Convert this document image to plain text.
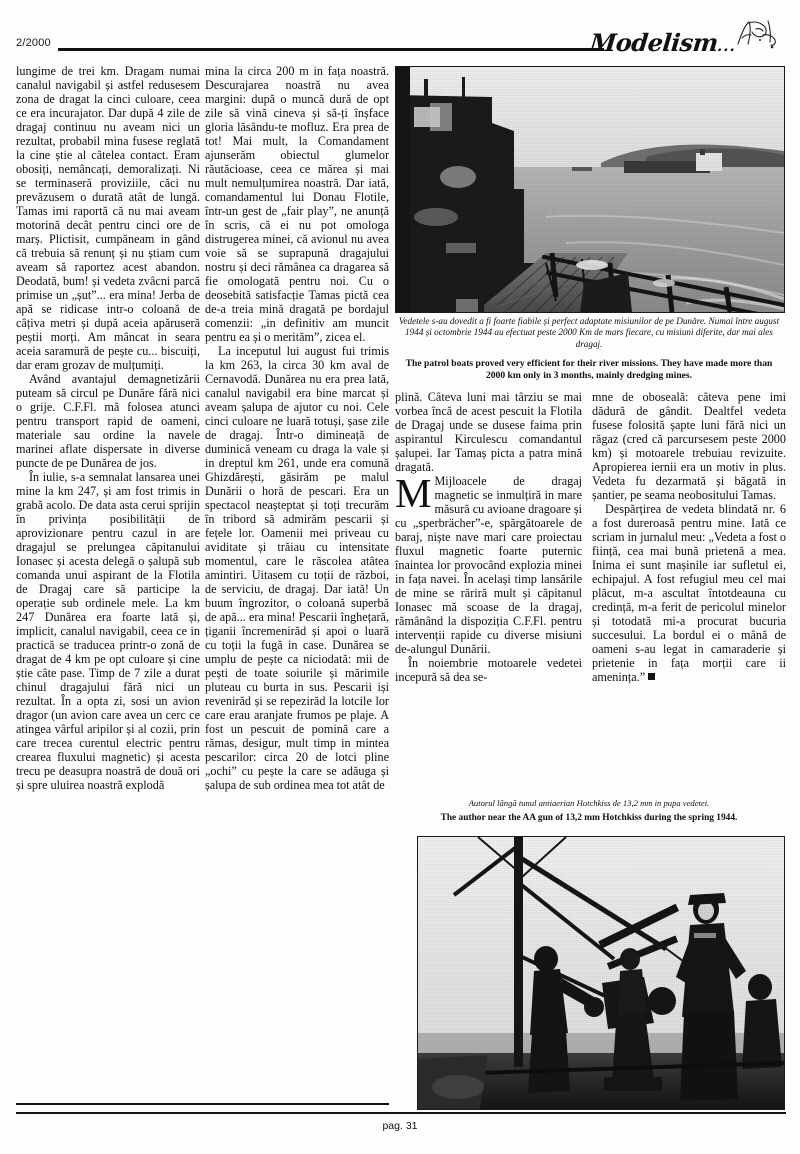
2/2000	Modelism...

lungime de trei km. Dragam numai canalul navigabil și astfel redusesem zona de dragat la cinci culoare, ceea ce era incurajator. Dar după 4 zile de dragaj continuu nu aveam nici un rezultat, probabil mina fusese reglată la cine știe al câtelea contact. Eram obosiți, nemâncați, demoralizați. Ni se terminaseră proviziile, căci nu prevăzusem o durată atât de lungă. Tamas imi raportă că nu mai aveam motorină decât pentru cinci ore de marș. Plictisit, cumpăneam in gând că trebuia să renunț și nu știam cum aveam să raportez acest abandon. Deodată, bum! și vedeta zvâcni parcă primise un „șut”... era mina! Jerba de apă se ridicase intr-o coloană de câțiva metri și după aceia apăruseră peștii morți. Am mâncat in seara aceia saramură de pește cu... biscuiți, dar eram grozav de mulțumiți.

Având avantajul demagnetizării puteam să circul pe Dunăre fără nici o grije. C.F.Fl. mă folosea atunci pentru transport rapid de oameni, materiale sau ordine la navele marinei aflate dispersate in diverse puncte de pe Dunărea de jos.

În iulie, s-a semnalat lansarea unei mine la km 247, și am fost trimis in grabă acolo. De data asta cerui sprijin în privința posibilității de aprovizionare pentru cazul in are dragajul se prelungea căpitanului Ionasec și acesta delegă o șalupă sub comanda unui aspirant de la Flotila de Dragaj care să participe la operație sub ordinele mele. La km 247 Dunărea era foarte lată și, implicit, canalul navigabil, ceea ce in practică se traducea printr-o zonă de dragat de 4 km pe opt culoare și cine știe câte pase. Timp de 7 zile a durat chinul dragajului fără nici un rezultat. În a opta zi, sosi un avion dragor (un avion care avea un cerc ce atingea vârful aripilor și al cozii, prin care trecea curentul electric pentru crearea fluxului magnetic) și acesta trecu pe deasupra noastră de două ori și spre uluirea noastră explodă

mina la circa 200 m in fața noastră. Descurajarea noastră nu avea margini: după o muncă dură de opt zile să vină cineva și să-ți înșface gloria lăsându-te mofluz. Era prea de tot! Mai mult, la Comandament ajunserăm obiectul glumelor răutăcioase, ceea ce mărea și mai mult nemulțumirea noastră. Dar iată, comandamentul lui Donau Flotile, într-un gest de „fair play”, ne anunță în scris, că ei nu pot omologa distrugerea minei, că avionul nu avea voie să se suprapună dragajului nostru și deci rămânea ca dragarea să fie omologată pentru noi. Cu o deosebită satisfacție Tamas pictă cea de-a treia mină dragată pe bordajul comenzii: „in definitiv am muncit pentru ea și o merităm”, zicea el.

La inceputul lui august fui trimis la km 263, la circa 30 km aval de Cernavodă. Dunărea nu era prea lată, canalul navigabil era bine marcat și aveam șalupa de ajutor cu noi. Cele cinci culoare ne luară totuși, șase zile de dragaj. Într-o dimineață de duminică veneam cu draga la vale și in dreptul km 261, unde era comună Ghizdărești, găsirăm pe malul Dunării o horă de pescari. Era un spectacol neașteptat și toți trecurăm în tribord să admirăm pescarii și fețele lor. Oamenii mei priveau cu aviditate și trăiau cu intensitate momentul, care le răscolea atâtea amintiri. Uitasem cu toții de război, de serviciu, de dragaj. Dar iată! Un buum îngrozitor, o coloană superbă de apă... era mina! Pescarii înghețară, țiganii încremenirăd și apoi o luară cu toții la fugă in case. Dunărea se umplu de pește ca niciodată: mii de pești de toate soiurile și mărimile pluteau cu burta in sus. Pescarii iși revenirăd și se repezirăd la lotcile lor care erau aranjate frumos pe plaje. A fost un pescuit de pomină care a rămas, desigur, mult timp in mintea pescarilor: circa 20 de lotci pline „ochi” cu pește la care se adăuga și șalupa de sub ordinea mea tot atât de

Vedetele s-au dovedit a fi foarte fiabile și perfect adaptate misiunilor de pe Dunăre. Numai între august 1944 și octombrie 1944 au efectuat peste 2000 Km de mars fiecare, cu misiuni diferite, dar mai ales dragaj.

The patrol boats proved very efficient for their river missions. They have made more than 2000 km only in 3 months, mainly dredging mines.

plină. Câteva luni mai târziu se mai vorbea încă de acest pescuit la Flotila de Dragaj unde se dusese faima prin aspirantul Kirculescu comandantul șalupei. Iar Tamaș picta a patra mină dragată.

M Mijloacele de dragaj magnetic se inmulțiră in mare măsură cu avioane dragoare și cu „sperbrächer”-e, spărgătoarele de baraj, niște nave mari care proiectau fluxul magnetic foarte puternic înaintea lor provocând explozia minei in fața navei. În același timp lansările de mine se răriră mult și căpitanul Ionasec mă scoase de la dragaj, rămânând la dispoziția C.F.Fl. pentru intervenții rapide cu diverse misiuni de-alungul Dunării.

În noiembrie motoarele vedetei incepură să dea se-

mne de oboseală: câteva pene imi dădură de gândit. Dealtfel vedeta fusese folosită șapte luni fără nici un răgaz (cred că parcursesem peste 2000 km) și motoarele trebuiau revizuite. Apropierea iernii era un motiv in plus. Vedeta fu dezarmată și băgată in șantier, pe seama neobositului Tamas.

Despărțirea de vedeta blindată nr. 6 a fost dureroasă pentru mine. Iată ce scriam in jurnalul meu: „Vedeta a fost o ființă, cea mai bună prietenă a mea. Inima ei sunt mașinile iar sufletul ei, echipajul. A fost refugiul meu cel mai plăcut, m-a ascultat întotdeauna cu credință, m-a ferit de pericolul minelor și totodată mi-a procurat bucuria succesului. La bordul ei o mână de oameni s-au legat in camaraderie și prietenie in fața morții care ii amenința.”

Autorul lângă tunul antiaerian Hotchkiss de 13,2 mm in pupa vedetei.

The author near the AA gun of 13,2 mm Hotchkiss during the spring 1944.

pag. 31
